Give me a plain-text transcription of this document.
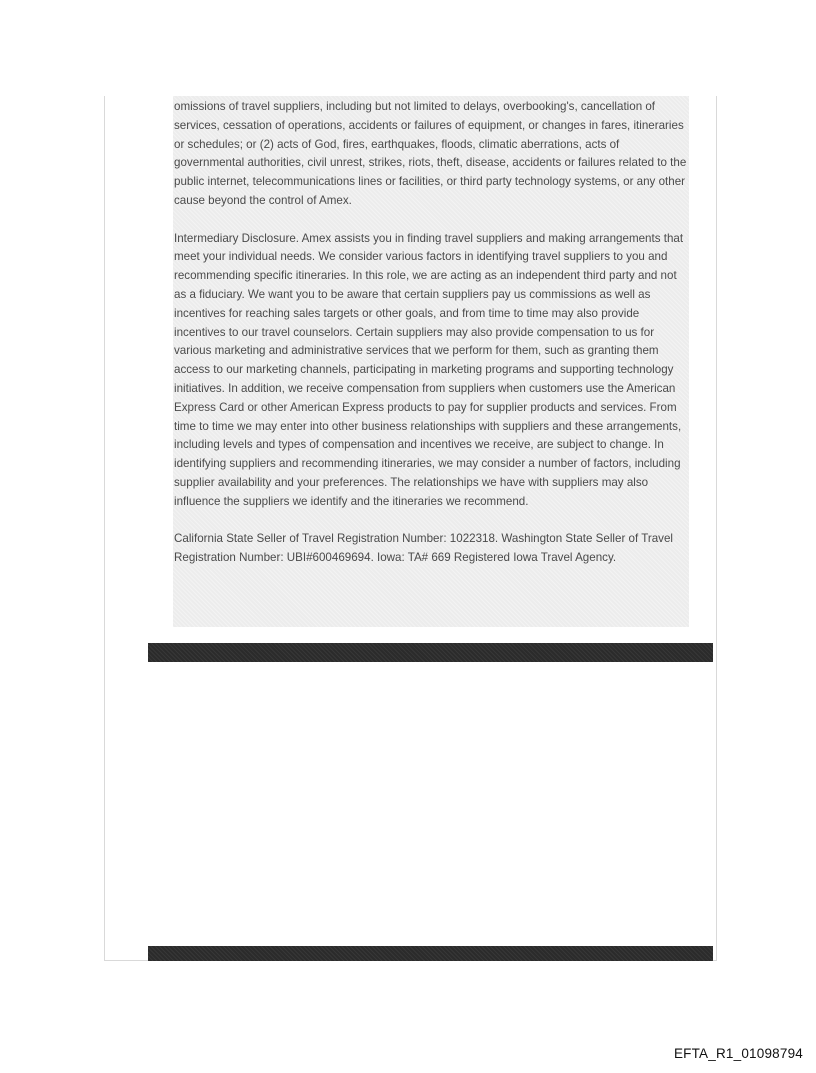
omissions of travel suppliers, including but not limited to delays, overbooking's, cancellation of services, cessation of operations, accidents or failures of equipment, or changes in fares, itineraries or schedules; or (2) acts of God, fires, earthquakes, floods, climatic aberrations, acts of governmental authorities, civil unrest, strikes, riots, theft, disease, accidents or failures related to the public internet, telecommunications lines or facilities, or third party technology systems, or any other cause beyond the control of Amex.

Intermediary Disclosure. Amex assists you in finding travel suppliers and making arrangements that meet your individual needs. We consider various factors in identifying travel suppliers to you and recommending specific itineraries. In this role, we are acting as an independent third party and not as a fiduciary. We want you to be aware that certain suppliers pay us commissions as well as incentives for reaching sales targets or other goals, and from time to time may also provide incentives to our travel counselors. Certain suppliers may also provide compensation to us for various marketing and administrative services that we perform for them, such as granting them access to our marketing channels, participating in marketing programs and supporting technology initiatives. In addition, we receive compensation from suppliers when customers use the American Express Card or other American Express products to pay for supplier products and services. From time to time we may enter into other business relationships with suppliers and these arrangements, including levels and types of compensation and incentives we receive, are subject to change. In identifying suppliers and recommending itineraries, we may consider a number of factors, including supplier availability and your preferences. The relationships we have with suppliers may also influence the suppliers we identify and the itineraries we recommend.

California State Seller of Travel Registration Number: 1022318. Washington State Seller of Travel Registration Number: UBI#600469694. Iowa: TA# 669 Registered Iowa Travel Agency.

EFTA_R1_01098794
